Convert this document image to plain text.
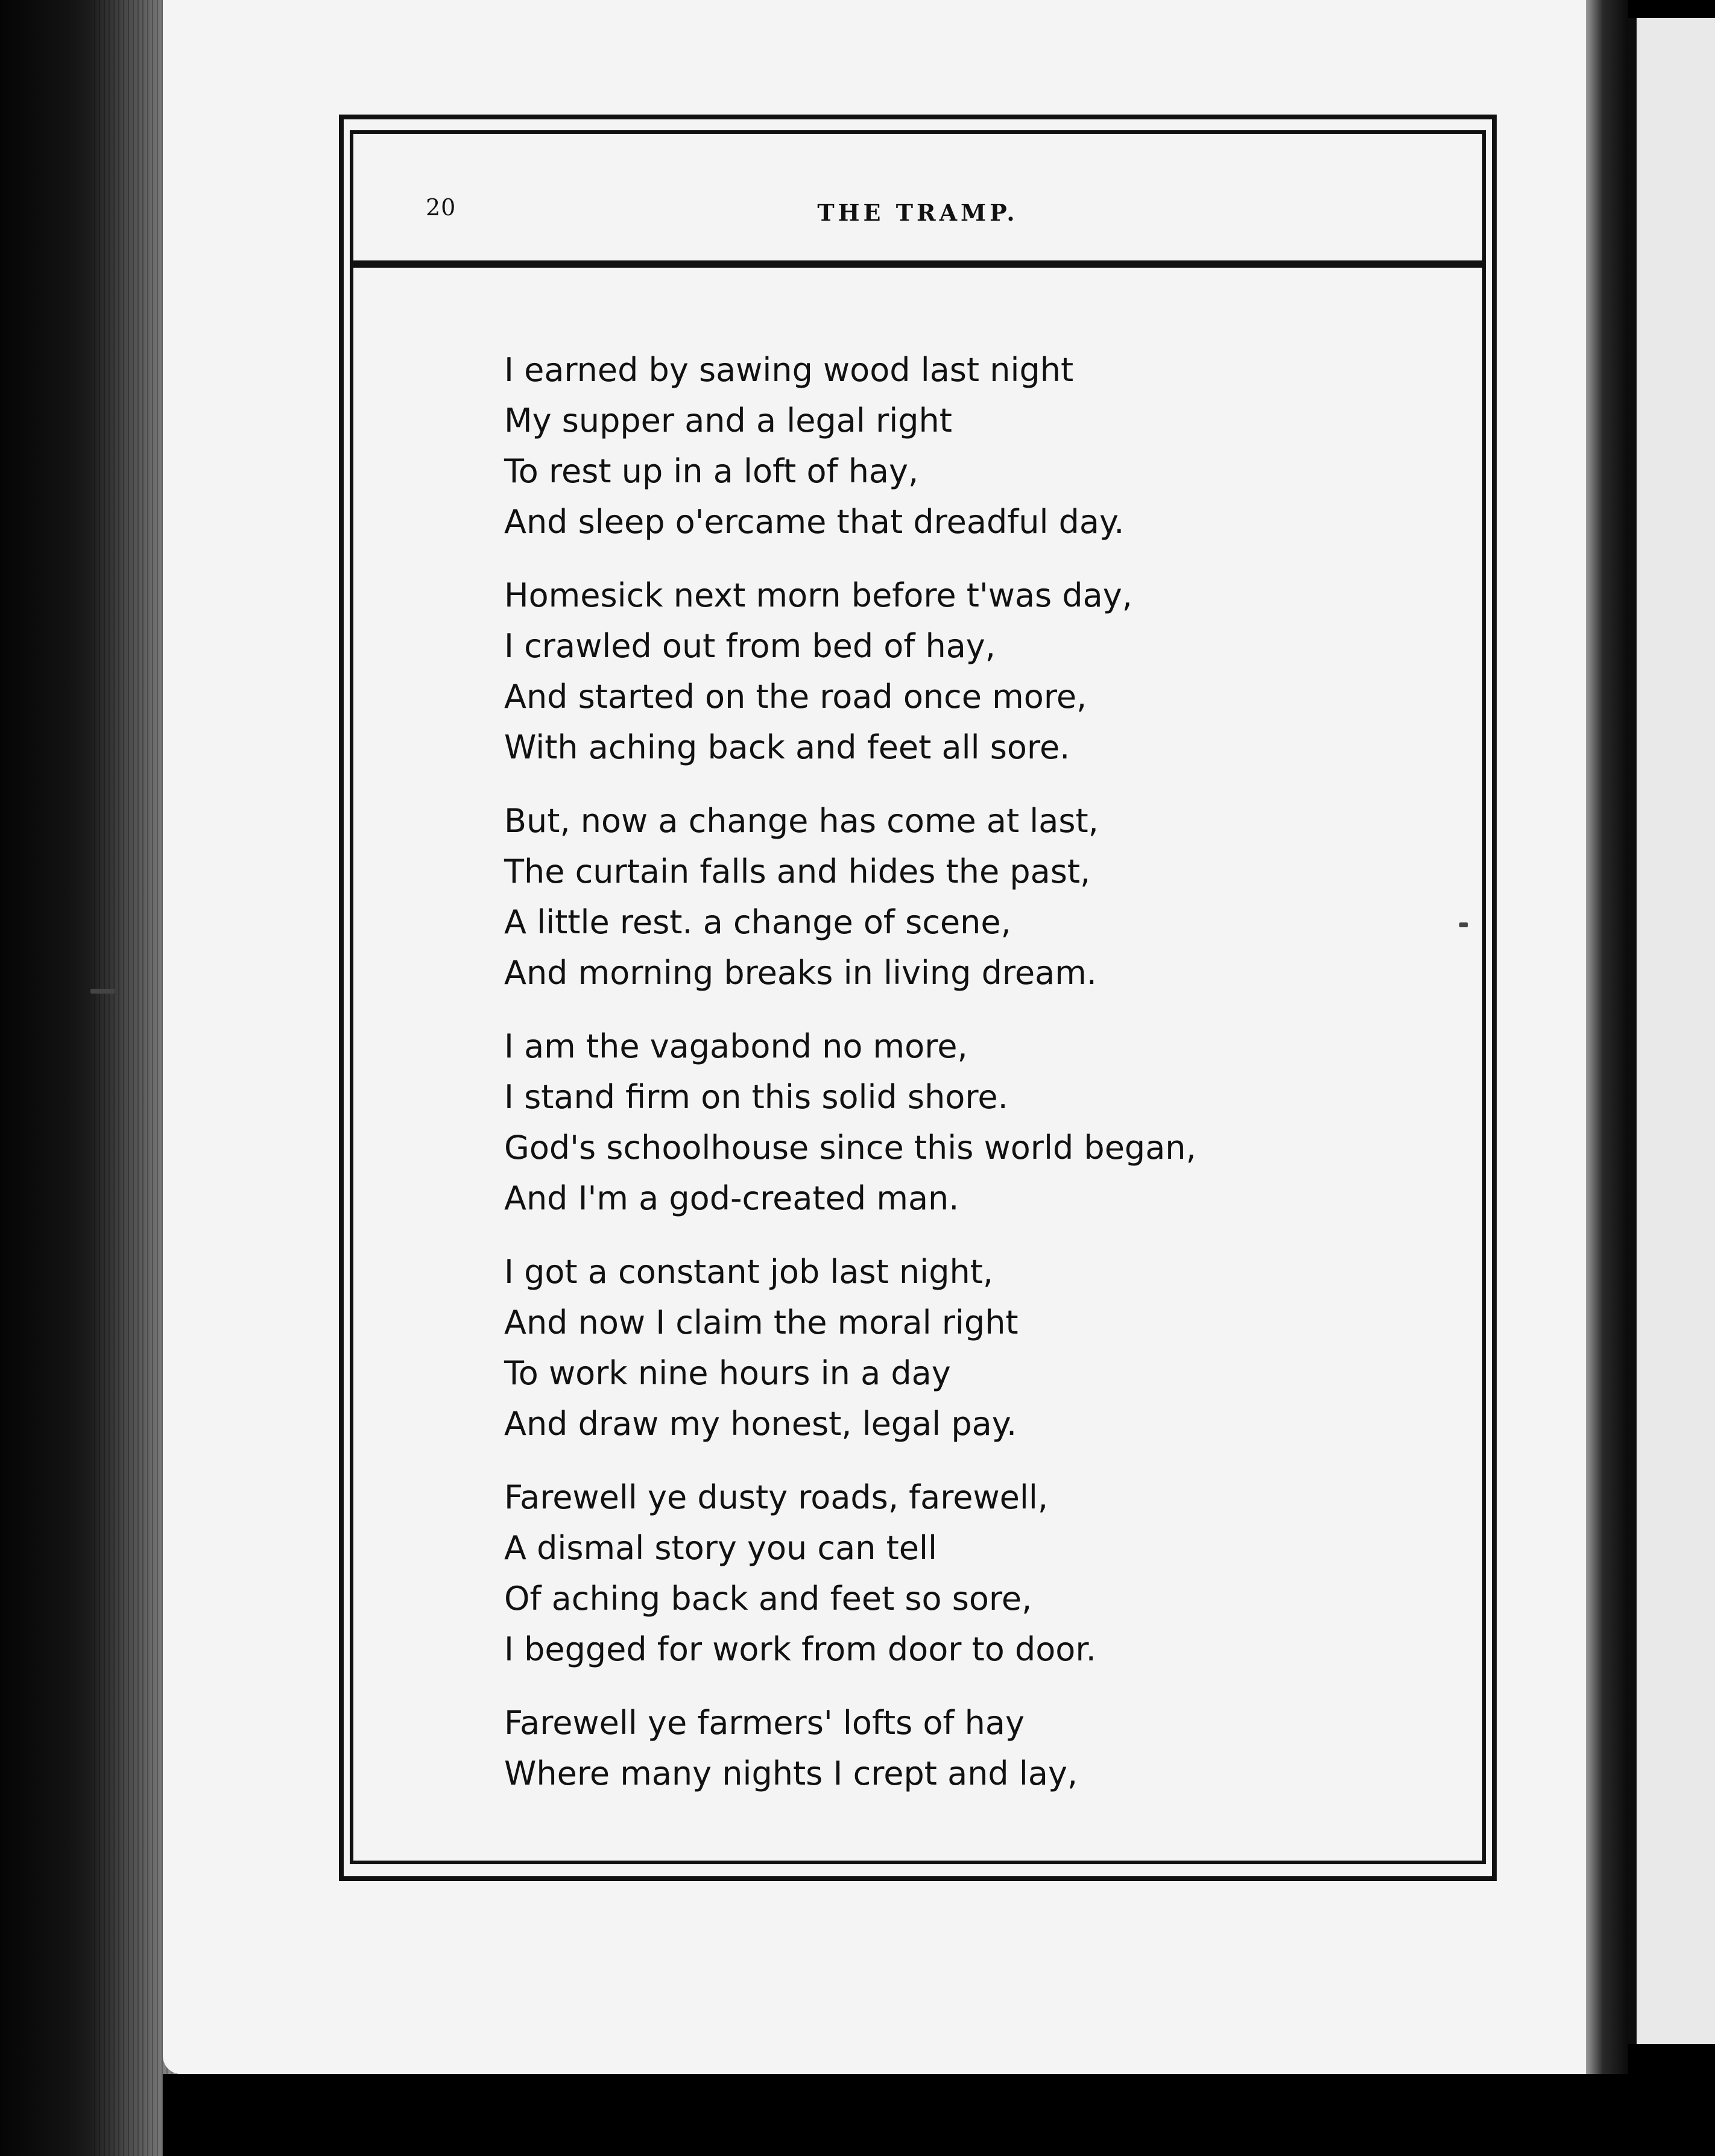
20	THE TRAMP.
I earned by sawing wood last night
My supper and a legal right
To rest up in a loft of hay,
And sleep o'ercame that dreadful day.
Homesick next morn before t'was day,
I crawled out from bed of hay,
And started on the road once more,
With aching back and feet all sore.
But, now a change has come at last,
The curtain falls and hides the past,
A little rest. a change of scene,
And morning breaks in living dream.
I am the vagabond no more,
I stand firm on this solid shore.
God's schoolhouse since this world began,
And I'm a god-created man.
I got a constant job last night,
And now I claim the moral right
To work nine hours in a day
And draw my honest, legal pay.
Farewell ye dusty roads, farewell,
A dismal story you can tell
Of aching back and feet so sore,
I begged for work from door to door.
Farewell ye farmers' lofts of hay
Where many nights I crept and lay,
